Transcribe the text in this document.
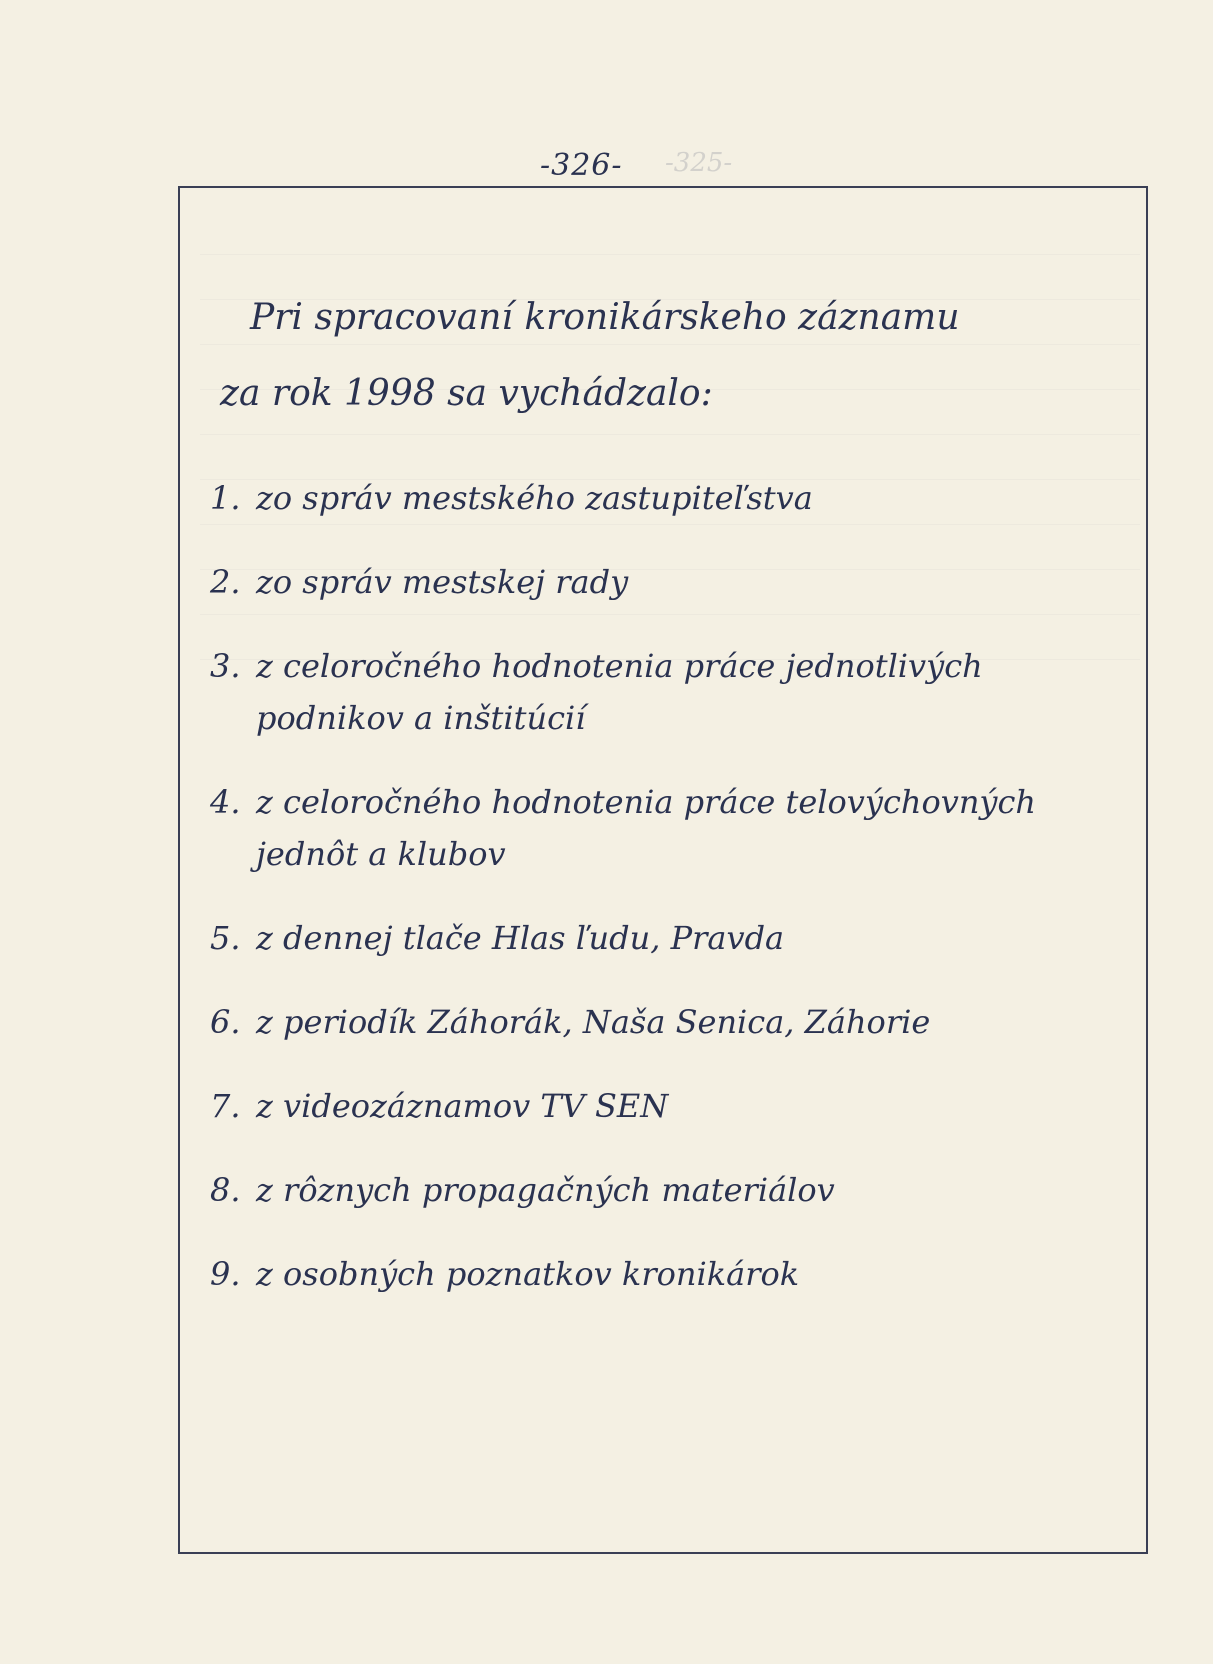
-326- -325-

Pri spracovaní kronikárskeho záznamu
za rok 1998 sa vychádzalo:
1. zo správ mestského zastupiteľstva
2. zo správ mestskej rady
3. z celoročného hodnotenia práce jednotlivých podnikov a inštitúcií
4. z celoročného hodnotenia práce telovýchovných jednôt a klubov
5. z dennej tlače Hlas ľudu, Pravda
6. z periodík Záhorák, Naša Senica, Záhorie
7. z videozáznamov TV SEN
8. z rôznych propagačných materiálov
9. z osobných poznatkov kronikárok
